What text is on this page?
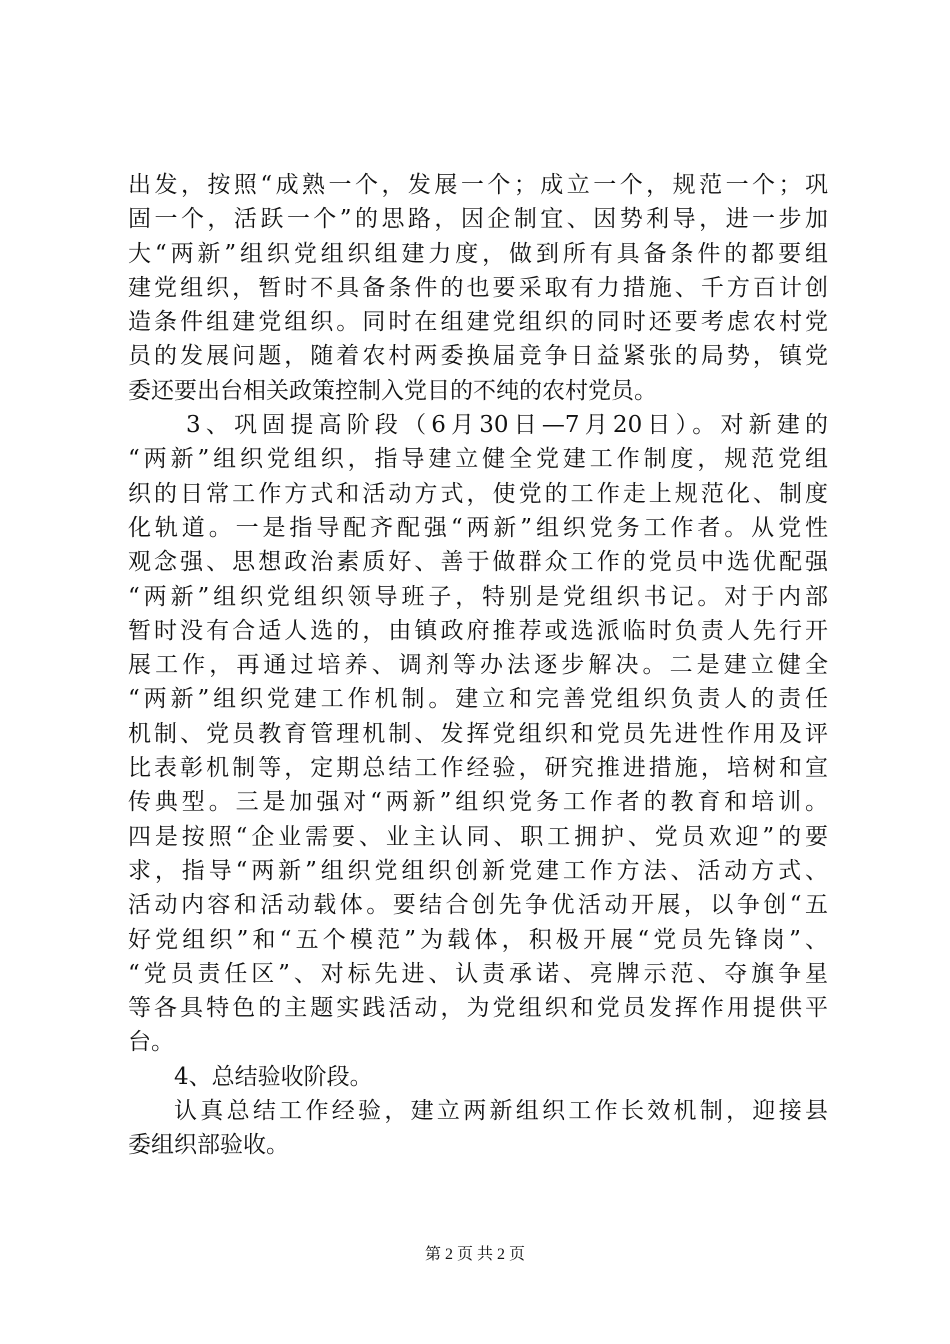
出发，按照“成熟一个，发展一个；成立一个，规范一个；巩
固一个，活跃一个”的思路，因企制宜、因势利导，进一步加
大“两新”组织党组织组建力度，做到所有具备条件的都要组
建党组织，暂时不具备条件的也要采取有力措施、千方百计创
造条件组建党组织。同时在组建党组织的同时还要考虑农村党
员的发展问题，随着农村两委换届竞争日益紧张的局势，镇党
委还要出台相关政策控制入党目的不纯的农村党员。
3、巩固提高阶段（6月30日—7月20日）。对新建的
“两新”组织党组织，指导建立健全党建工作制度，规范党组
织的日常工作方式和活动方式，使党的工作走上规范化、制度
化轨道。一是指导配齐配强“两新”组织党务工作者。从党性
观念强、思想政治素质好、善于做群众工作的党员中选优配强
“两新”组织党组织领导班子，特别是党组织书记。对于内部
暂时没有合适人选的，由镇政府推荐或选派临时负责人先行开
展工作，再通过培养、调剂等办法逐步解决。二是建立健全
“两新”组织党建工作机制。建立和完善党组织负责人的责任
机制、党员教育管理机制、发挥党组织和党员先进性作用及评
比表彰机制等，定期总结工作经验，研究推进措施，培树和宣
传典型。三是加强对“两新”组织党务工作者的教育和培训。
四是按照“企业需要、业主认同、职工拥护、党员欢迎”的要
求，指导“两新”组织党组织创新党建工作方法、活动方式、
活动内容和活动载体。要结合创先争优活动开展，以争创“五
好党组织”和“五个模范”为载体，积极开展“党员先锋岗”、
“党员责任区”、对标先进、认责承诺、亮牌示范、夺旗争星
等各具特色的主题实践活动，为党组织和党员发挥作用提供平
台。
4、总结验收阶段。
认真总结工作经验，建立两新组织工作长效机制，迎接县
委组织部验收。
第 2 页 共 2 页
